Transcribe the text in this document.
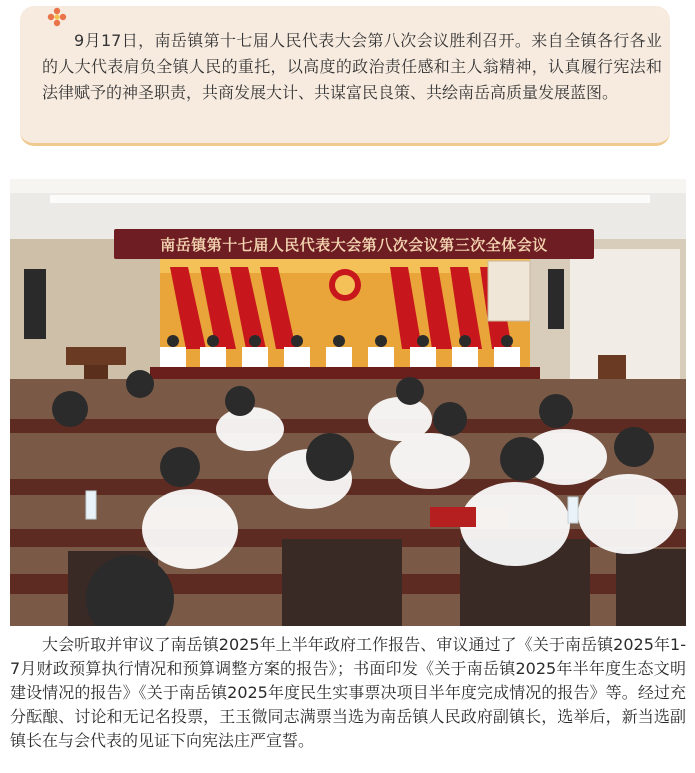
9月17日，南岳镇第十七届人民代表大会第八次会议胜利召开。来自全镇各行各业的人大代表肩负全镇人民的重托，以高度的政治责任感和主人翁精神，认真履行宪法和法律赋予的神圣职责，共商发展大计、共谋富民良策、共绘南岳高质量发展蓝图。
南岳镇第十七届人民代表大会第八次会议第三次全体会议
大会听取并审议了南岳镇2025年上半年政府工作报告、审议通过了《关于南岳镇2025年1-7月财政预算执行情况和预算调整方案的报告》；书面印发《关于南岳镇2025年半年度生态文明建设情况的报告》《关于南岳镇2025年度民生实事票决项目半年度完成情况的报告》等。经过充分酝酿、讨论和无记名投票，王玉微同志满票当选为南岳镇人民政府副镇长，选举后，新当选副镇长在与会代表的见证下向宪法庄严宣誓。
